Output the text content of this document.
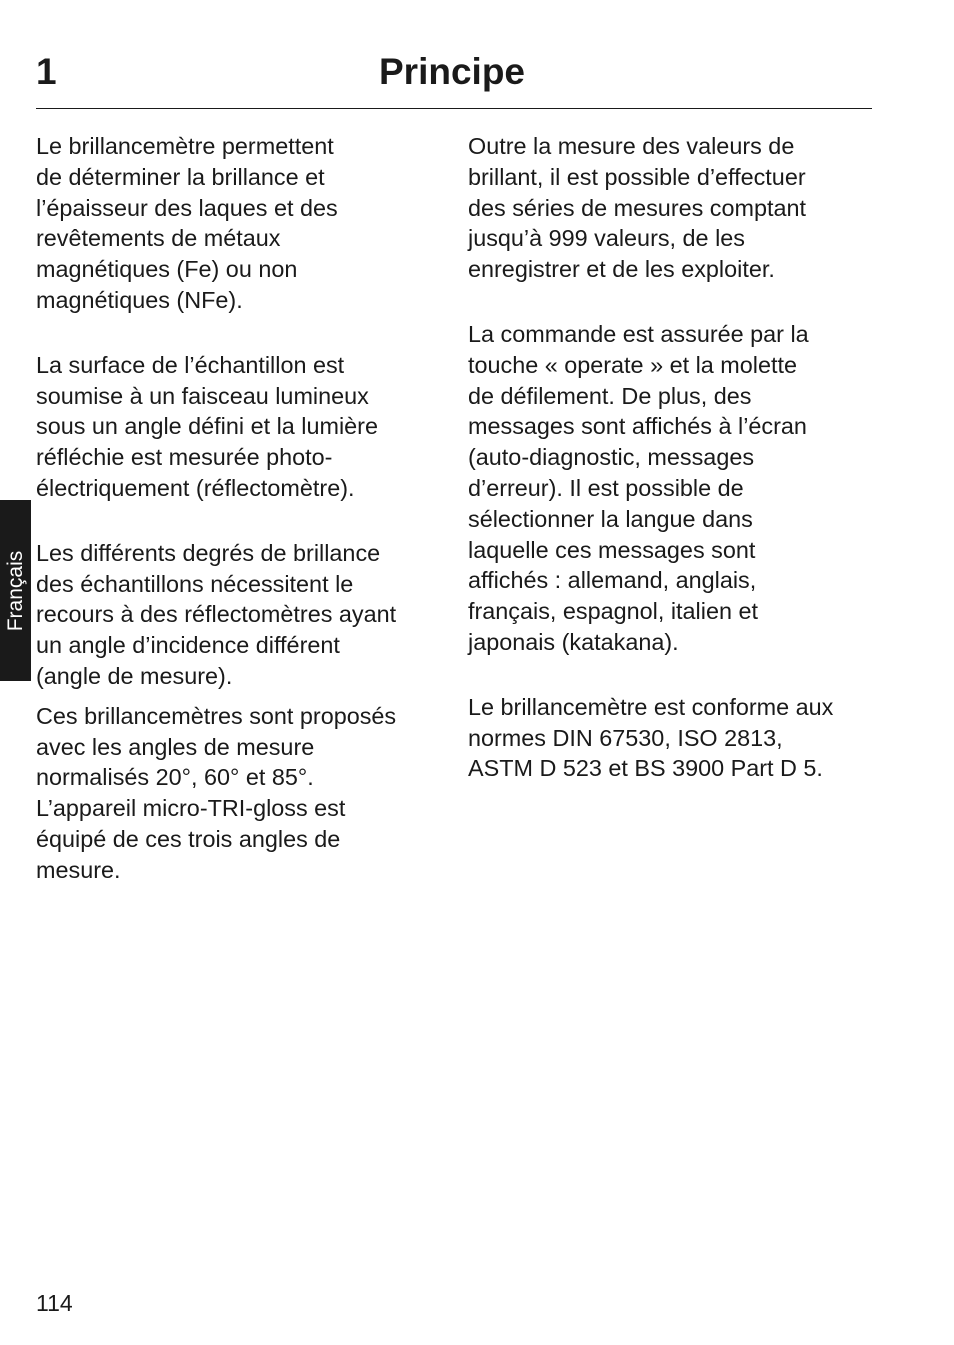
1	Principe

Le brillancemètre permettent
de déterminer la brillance et
l’épaisseur des laques et des
revêtements de métaux
magnétiques (Fe) ou non
magnétiques (NFe).

La surface de l’échantillon est
soumise à un faisceau lumineux
sous un angle défini et la lumière
réfléchie est mesurée photo-
électriquement (réflectomètre).

Les différents degrés de brillance
des échantillons nécessitent le
recours à des réflectomètres ayant
un angle d’incidence différent
(angle de mesure).

Ces brillancemètres sont proposés
avec les angles de mesure
normalisés 20°, 60° et 85°.
L’appareil micro-TRI-gloss est
équipé de ces trois angles de
mesure.

Outre la mesure des valeurs de
brillant, il est possible d’effectuer
des séries de mesures comptant
jusqu’à 999 valeurs, de les
enregistrer et de les exploiter.

La commande est assurée par la
touche « operate » et la molette
de défilement. De plus, des
messages sont affichés à l’écran
(auto-diagnostic, messages
d’erreur). Il est possible de
sélectionner la langue dans
laquelle ces messages sont
affichés : allemand, anglais,
français, espagnol, italien et
japonais (katakana).

Le brillancemètre est conforme aux
normes DIN 67530, ISO 2813,
ASTM D 523 et BS 3900 Part D 5.

Français
114
